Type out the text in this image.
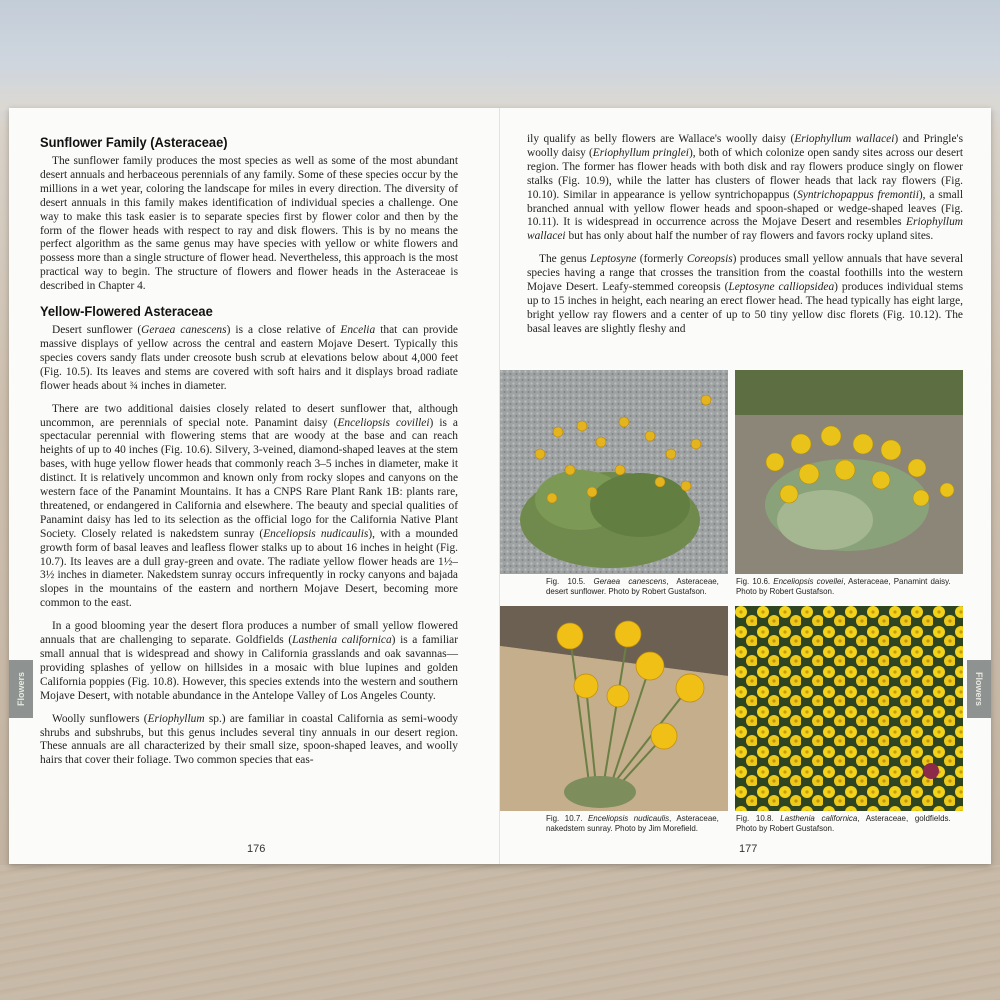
Sunflower Family (Asteraceae)

The sunflower family produces the most species as well as some of the most abundant desert annuals and herbaceous perennials of any family. Some of these species occur by the millions in a wet year, coloring the landscape for miles in every direction. The diversity of desert annuals in this family makes identification of individual species a challenge. One way to make this task easier is to separate species first by flower color and then by the form of the flower heads with respect to ray and disk flowers. This is by no means the perfect algorithm as the same genus may have species with yellow or white flowers and possess more than a single structure of flower head. Nevertheless, this approach is the most practical way to begin. The structure of flowers and flower heads in the Asteraceae is described in Chapter 4.

Yellow-Flowered Asteraceae

Desert sunflower (Geraea canescens) is a close relative of Encelia that can provide massive displays of yellow across the central and eastern Mojave Desert. Typically this species covers sandy flats under creosote bush scrub at elevations below about 4,000 feet (Fig. 10.5). Its leaves and stems are covered with soft hairs and it displays broad radiate flower heads about ¾ inches in diameter.

There are two additional daisies closely related to desert sunflower that, although uncommon, are perennials of special note. Panamint daisy (Enceliopsis covillei) is a spectacular perennial with flowering stems that are woody at the base and can reach heights of up to 40 inches (Fig. 10.6). Silvery, 3-veined, diamond-shaped leaves at the stem bases, with huge yellow flower heads that commonly reach 3–5 inches in diameter, make it distinct. It is relatively uncommon and known only from rocky slopes and canyons on the western face of the Panamint Mountains. It has a CNPS Rare Plant Rank 1B: plants rare, threatened, or endangered in California and elsewhere. The beauty and special qualities of Panamint daisy has led to its selection as the official logo for the California Native Plant Society. Closely related is nakedstem sunray (Enceliopsis nudicaulis), with a mounded growth form of basal leaves and leafless flower stalks up to about 16 inches in height (Fig. 10.7). Its leaves are a dull gray-green and ovate. The radiate yellow flower heads are 1½–3½ inches in diameter. Nakedstem sunray occurs infrequently in rocky canyons and bajada slopes in the mountains of the eastern and northern Mojave Desert, becoming more common to the east.

In a good blooming year the desert flora produces a number of small yellow flowered annuals that are challenging to separate. Goldfields (Lasthenia californica) is a familiar small annual that is widespread and showy in California grasslands and oak savannas—providing splashes of yellow on hillsides in a mosaic with blue lupines and golden California poppies (Fig. 10.8). However, this species extends into the western and southern Mojave Desert, with notable abundance in the Antelope Valley of Los Angeles County.

Woolly sunflowers (Eriophyllum sp.) are familiar in coastal California as semi-woody shrubs and subshrubs, but this genus includes several tiny annuals in our desert region. These annuals are all characterized by their small size, spoon-shaped leaves, and woolly hairs that cover their foliage. Two common species that eas-

176
Flowers

ily qualify as belly flowers are Wallace's woolly daisy (Eriophyllum wallacei) and Pringle's woolly daisy (Eriophyllum pringlei), both of which colonize open sandy sites across our desert region. The former has flower heads with both disk and ray flowers produce singly on flower stalks (Fig. 10.9), while the latter has clusters of flower heads that lack ray flowers (Fig. 10.10). Similar in appearance is yellow syntrichopappus (Syntrichopappus fremontii), a small branched annual with yellow flower heads and spoon-shaped or wedge-shaped leaves (Fig. 10.11). It is widespread in occurrence across the Mojave Desert and resembles Eriophyllum wallacei but has only about half the number of ray flowers and favors rocky upland sites.

The genus Leptosyne (formerly Coreopsis) produces small yellow annuals that have several species having a range that crosses the transition from the coastal foothills into the western Mojave Desert. Leafy-stemmed coreopsis (Leptosyne calliopsidea) produces individual stems up to 15 inches in height, each nearing an erect flower head. The head typically has eight large, bright yellow ray flowers and a center of up to 50 tiny yellow disc florets (Fig. 10.12). The basal leaves are slightly fleshy and

Fig. 10.5. Geraea canescens, Asteraceae, desert sunflower. Photo by Robert Gustafson.
Fig. 10.6. Enceliopsis covellei, Asteraceae, Panamint daisy. Photo by Robert Gustafson.
Fig. 10.7. Enceliopsis nudicaulis, Asteraceae, nakedstem sunray. Photo by Jim Morefield.
Fig. 10.8. Lasthenia californica, Asteraceae, goldfields. Photo by Robert Gustafson.
177
Flowers
